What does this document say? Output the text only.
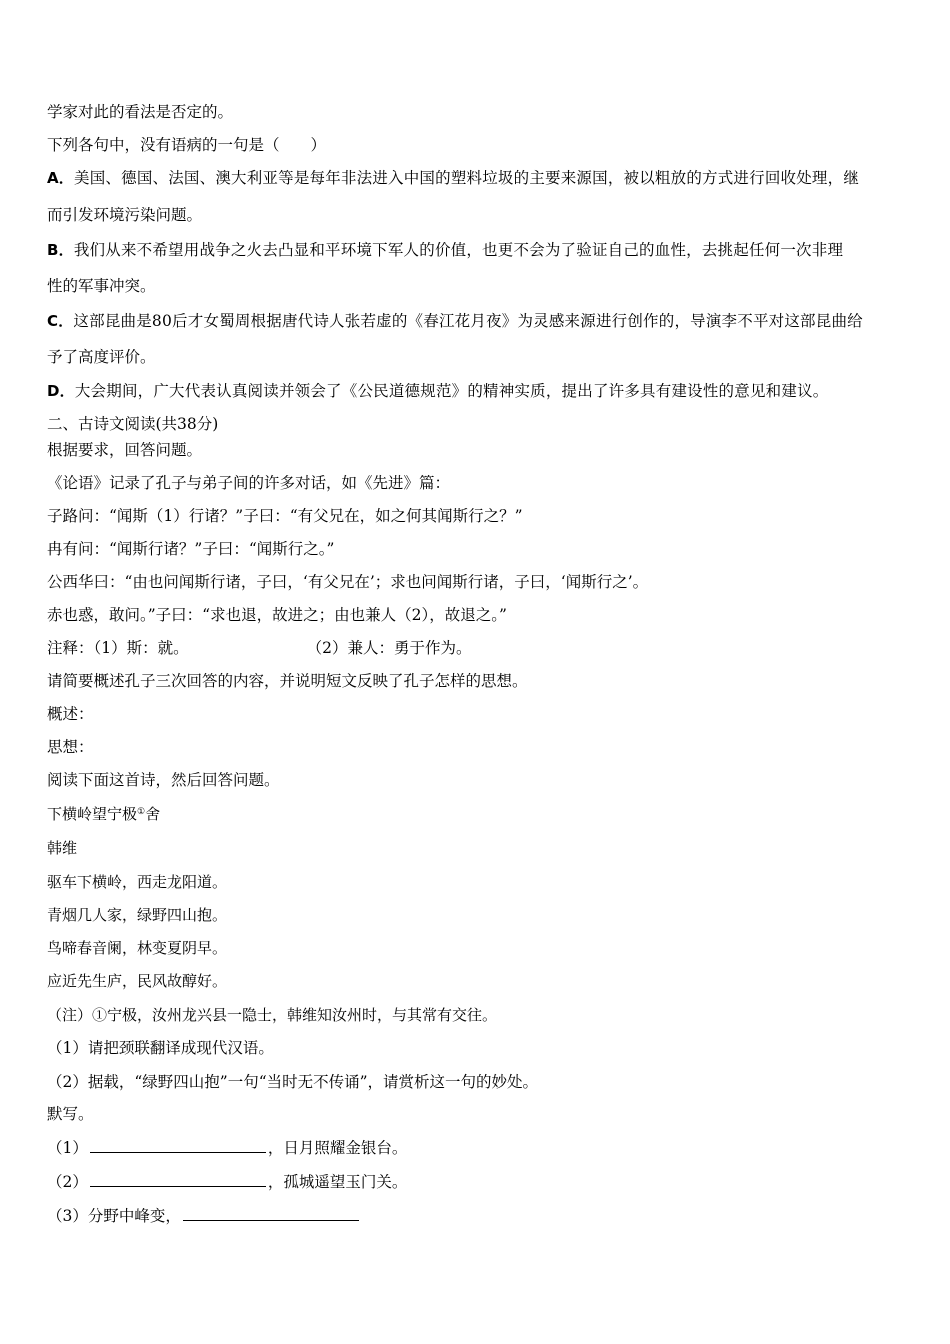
学家对此的看法是否定的。
下列各句中，没有语病的一句是（　　）
A．美国、德国、法国、澳大利亚等是每年非法进入中国的塑料垃圾的主要来源国，被以粗放的方式进行回收处理，继
而引发环境污染问题。
B．我们从来不希望用战争之火去凸显和平环境下军人的价值，也更不会为了验证自己的血性，去挑起任何一次非理
性的军事冲突。
C．这部昆曲是80后才女蜀周根据唐代诗人张若虚的《春江花月夜》为灵感来源进行创作的，导演李不平对这部昆曲给
予了高度评价。
D．大会期间，广大代表认真阅读并领会了《公民道德规范》的精神实质，提出了许多具有建设性的意见和建议。
二、古诗文阅读(共38分)
根据要求，回答问题。
《论语》记录了孔子与弟子间的许多对话，如《先进》篇：
子路问：“闻斯（1）行诸？”子曰：“有父兄在，如之何其闻斯行之？”
冉有问：“闻斯行诸？”子曰：“闻斯行之。”
公西华曰：“由也问闻斯行诸，子曰，‘有父兄在’；求也问闻斯行诸，子曰，‘闻斯行之’。
赤也惑，敢问。”子曰：“求也退，故进之；由也兼人（2），故退之。”
注释：（1）斯：就。	（2）兼人：勇于作为。
请简要概述孔子三次回答的内容，并说明短文反映了孔子怎样的思想。
概述：
思想：
阅读下面这首诗，然后回答问题。
下横岭望宁极①舍
韩维
驱车下横岭，西走龙阳道。
青烟几人家，绿野四山抱。
鸟啼春音阑，林变夏阴早。
应近先生庐，民风故醇好。
（注）①宁极，汝州龙兴县一隐士，韩维知汝州时，与其常有交往。
（1）请把颈联翻译成现代汉语。
（2）据载，“绿野四山抱”一句“当时无不传诵”，请赏析这一句的妙处。
默写。
（1）	，日月照耀金银台。
（2）	，孤城遥望玉门关。
（3）分野中峰变，
